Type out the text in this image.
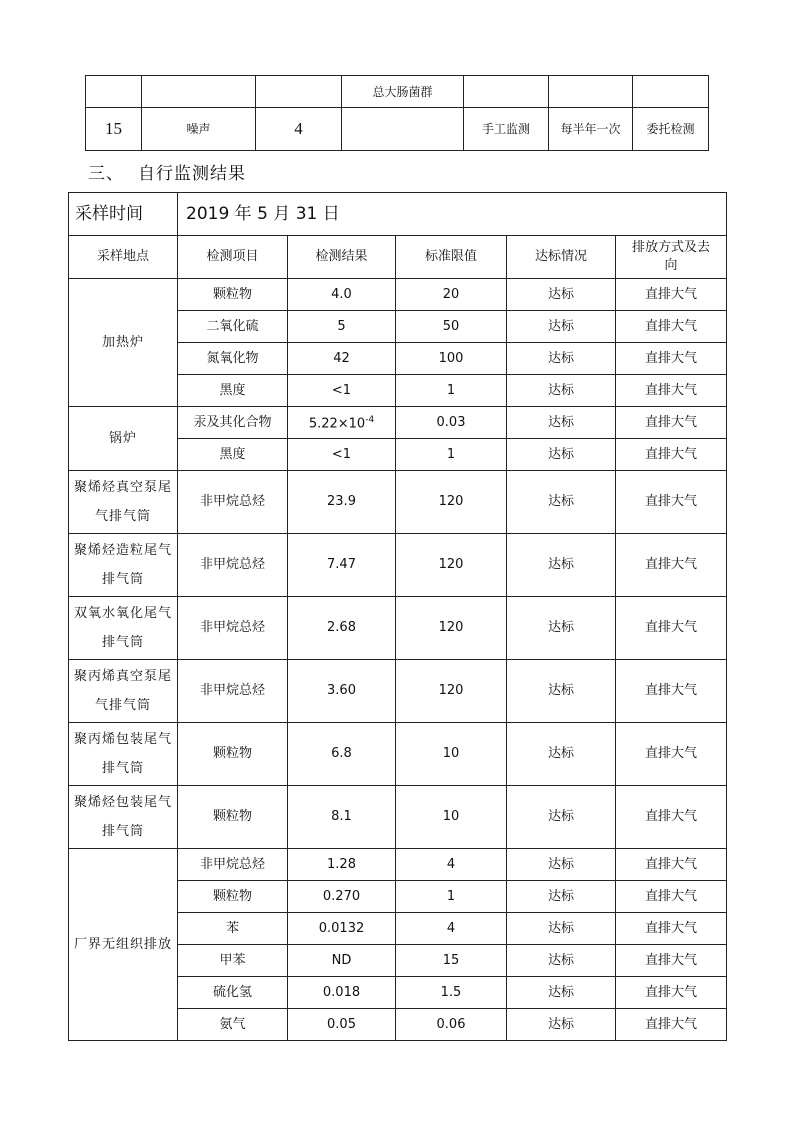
			总大肠菌群			
15	噪声	4		手工监测	每半年一次	委托检测
三、 自行监测结果
采样时间	2019 年 5 月 31 日				
采样地点	检测项目	检测结果	标准限值	达标情况	排放方式及去向
加热炉	颗粒物	4.0	20	达标	直排大气
	二氧化硫	5	50	达标	直排大气
	氮氧化物	42	100	达标	直排大气
	黑度	<1	1	达标	直排大气
锅炉	汞及其化合物	$5.22\times 10^{-4}$	0.03	达标	直排大气
	黑度	<1	1	达标	直排大气
聚烯烃真空泵尾气排气筒	非甲烷总烃	23.9	120	达标	直排大气
聚烯烃造粒尾气排气筒	非甲烷总烃	7.47	120	达标	直排大气
双氧水氧化尾气排气筒	非甲烷总烃	2.68	120	达标	直排大气
聚丙烯真空泵尾气排气筒	非甲烷总烃	3.60	120	达标	直排大气
聚丙烯包装尾气排气筒	颗粒物	6.8	10	达标	直排大气
聚烯烃包装尾气排气筒	颗粒物	8.1	10	达标	直排大气
厂界无组织排放	非甲烷总烃	1.28	4	达标	直排大气
	颗粒物	0.270	1	达标	直排大气
	苯	0.0132	4	达标	直排大气
	甲苯	ND	15	达标	直排大气
	硫化氢	0.018	1.5	达标	直排大气
	氨气	0.05	0.06	达标	直排大气
